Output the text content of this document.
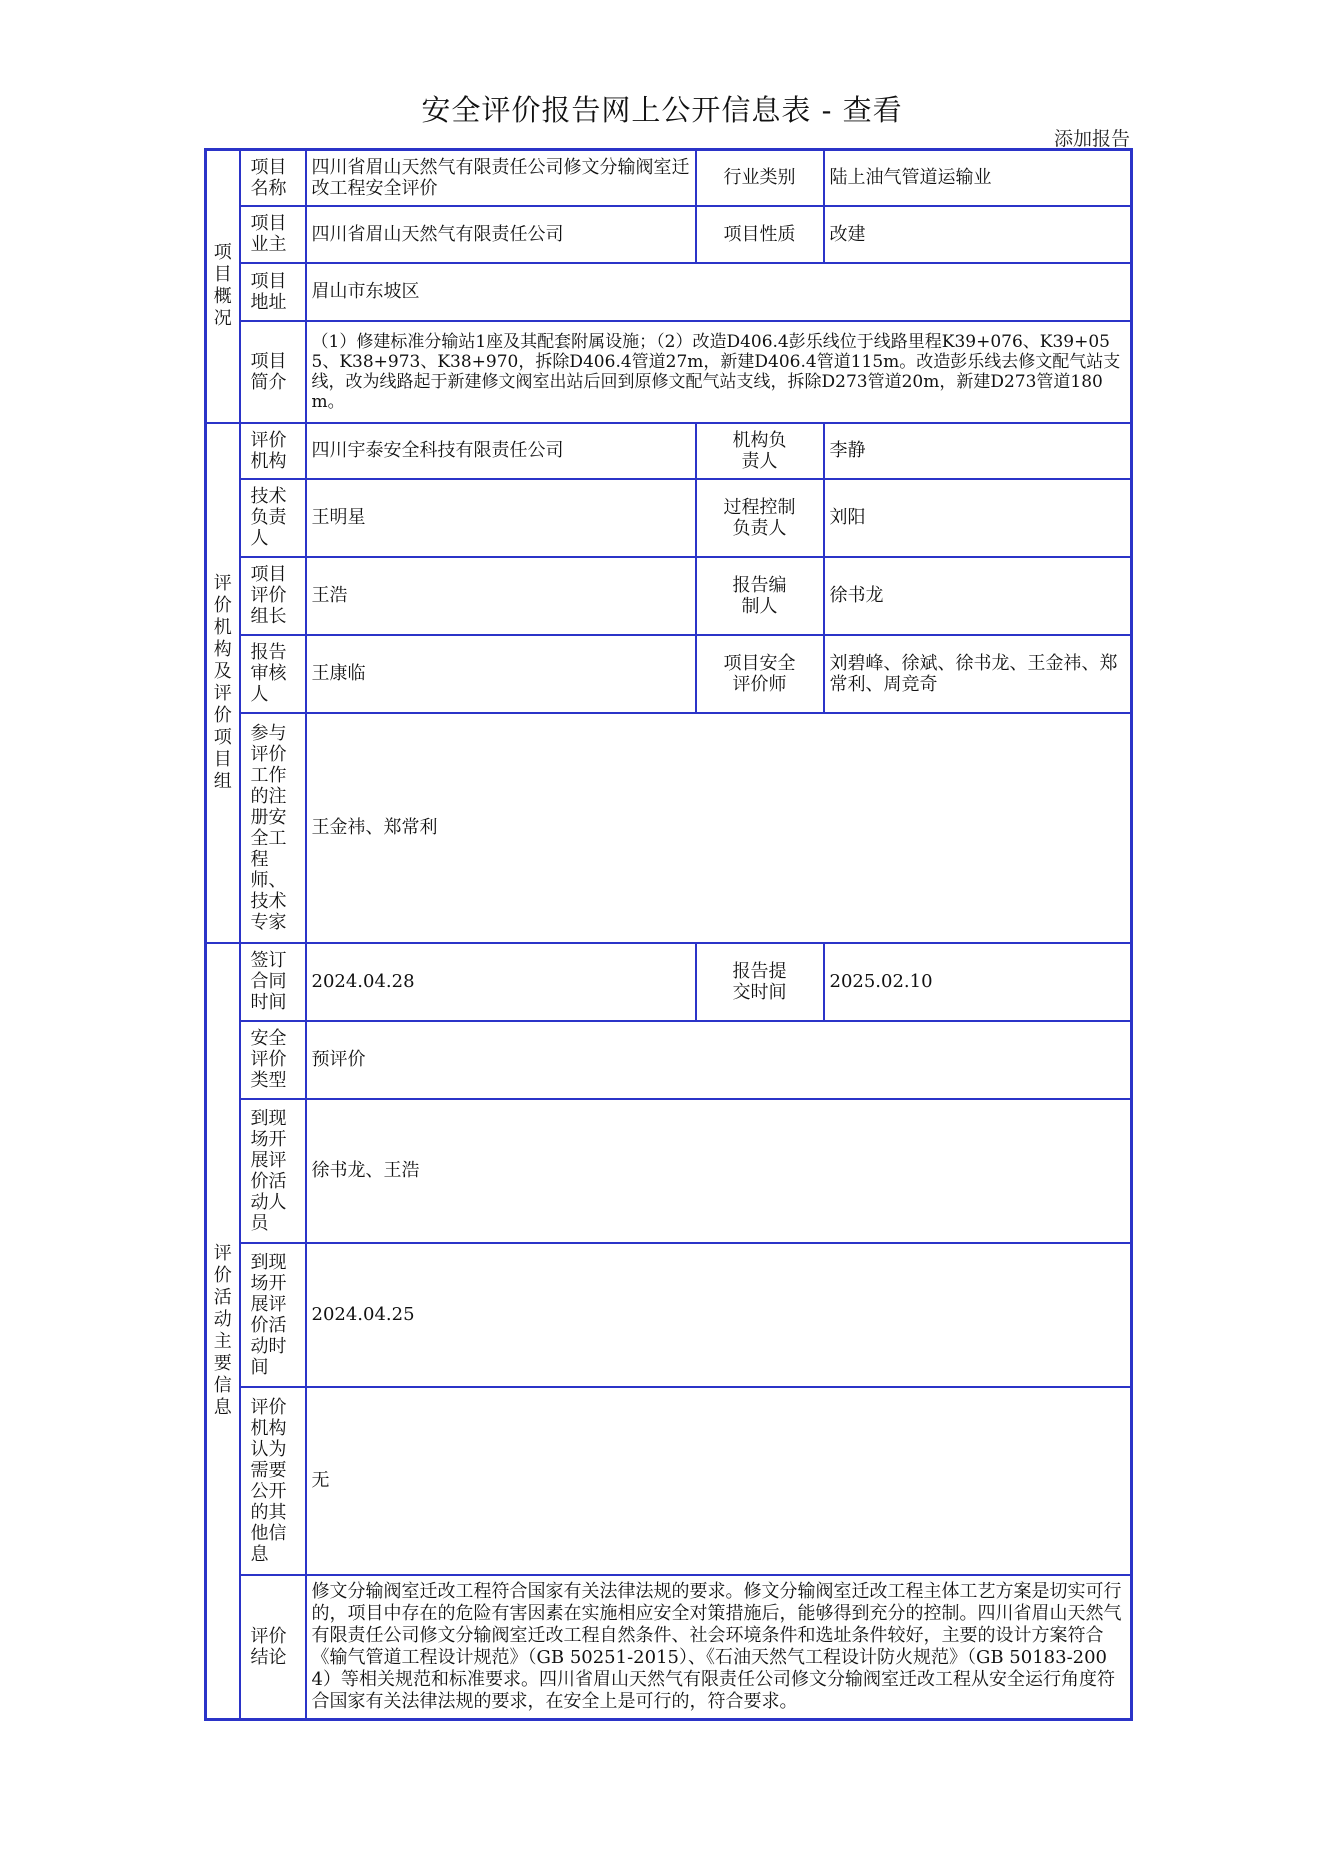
安全评价报告网上公开信息表 - 查看
添加报告
项目概况	项目名称	四川省眉山天然气有限责任公司修文分输阀室迁改工程安全评价	行业类别	陆上油气管道运输业
	项目业主	四川省眉山天然气有限责任公司	项目性质	改建
	项目地址	眉山市东坡区		
	项目简介	（1）修建标准分输站1座及其配套附属设施；（2）改造D406.4彭乐线位于线路里程K39+076、K39+055、K38+973、K38+970，拆除D406.4管道27m，新建D406.4管道115m。改造彭乐线去修文配气站支线，改为线路起于新建修文阀室出站后回到原修文配气站支线，拆除D273管道20m，新建D273管道180m。		
评价机构及评价项目组	评价机构	四川宇泰安全科技有限责任公司	机构负责人	李静
	技术负责人	王明星	过程控制负责人	刘阳
	项目评价组长	王浩	报告编制人	徐书龙
	报告审核人	王康临	项目安全评价师	刘碧峰、徐斌、徐书龙、王金祎、郑常利、周竞奇
	参与评价工作的注册安全工程师、技术专家	王金祎、郑常利		
评价活动主要信息	签订合同时间	2024.04.28	报告提交时间	2025.02.10
	安全评价类型	预评价		
	到现场开展评价活动人员	徐书龙、王浩		
	到现场开展评价活动时间	2024.04.25		
	评价机构认为需要公开的其他信息	无		
	评价结论	修文分输阀室迁改工程符合国家有关法律法规的要求。修文分输阀室迁改工程主体工艺方案是切实可行的，项目中存在的危险有害因素在实施相应安全对策措施后，能够得到充分的控制。四川省眉山天然气有限责任公司修文分输阀室迁改工程自然条件、社会环境条件和选址条件较好，主要的设计方案符合《输气管道工程设计规范》（GB 50251-2015）、《石油天然气工程设计防火规范》（GB 50183-2004）等相关规范和标准要求。四川省眉山天然气有限责任公司修文分输阀室迁改工程从安全运行角度符合国家有关法律法规的要求，在安全上是可行的，符合要求。		
